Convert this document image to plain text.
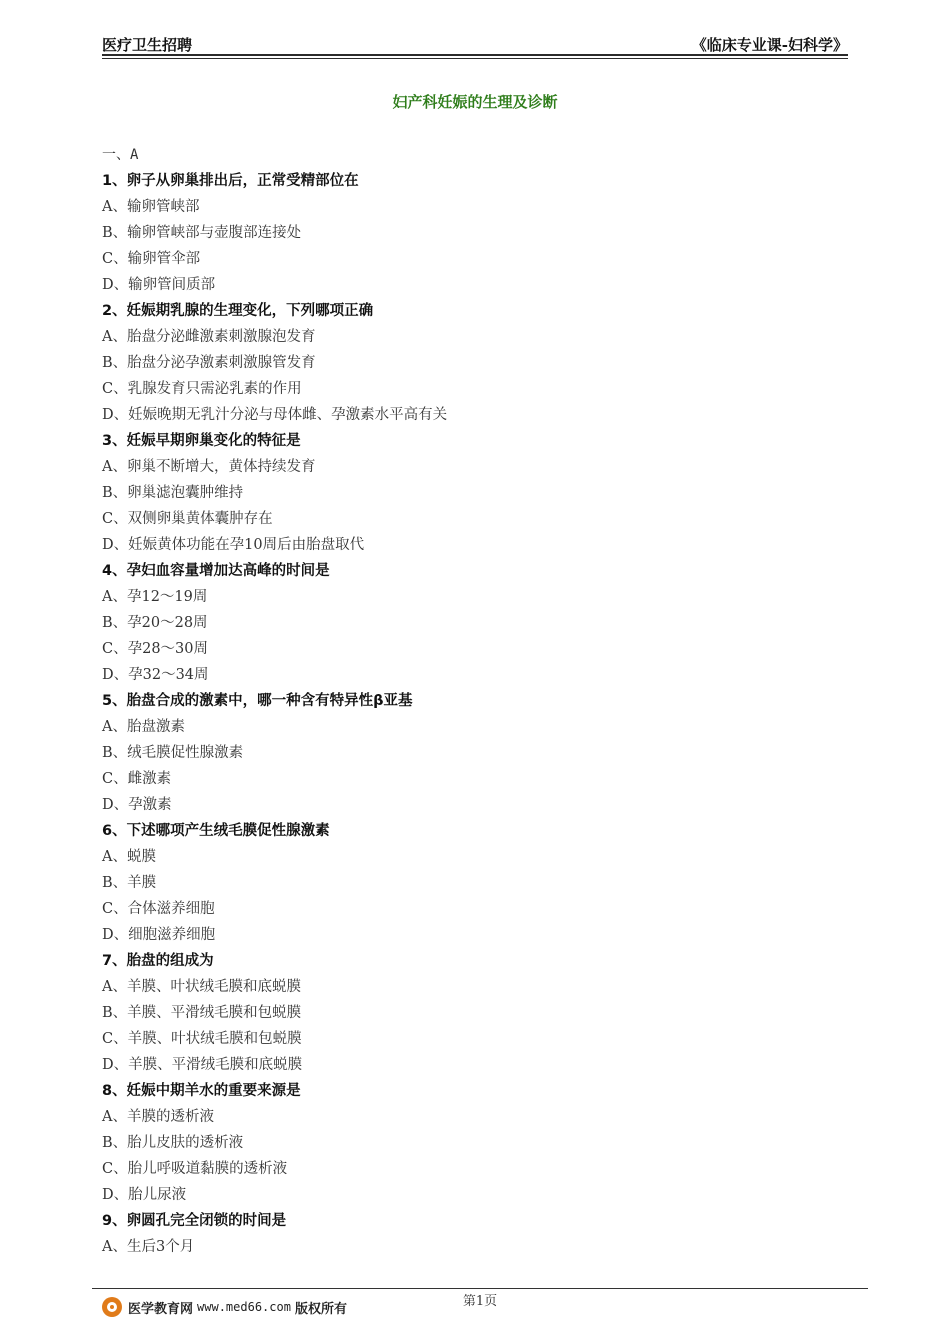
医疗卫生招聘	《临床专业课-妇科学》
妇产科妊娠的生理及诊断
一、A
1、卵子从卵巢排出后，正常受精部位在
A、输卵管峡部
B、输卵管峡部与壶腹部连接处
C、输卵管伞部
D、输卵管间质部
2、妊娠期乳腺的生理变化，下列哪项正确
A、胎盘分泌雌激素刺激腺泡发育
B、胎盘分泌孕激素刺激腺管发育
C、乳腺发育只需泌乳素的作用
D、妊娠晚期无乳汁分泌与母体雌、孕激素水平高有关
3、妊娠早期卵巢变化的特征是
A、卵巢不断增大，黄体持续发育
B、卵巢滤泡囊肿维持
C、双侧卵巢黄体囊肿存在
D、妊娠黄体功能在孕10周后由胎盘取代
4、孕妇血容量增加达高峰的时间是
A、孕12～19周
B、孕20～28周
C、孕28～30周
D、孕32～34周
5、胎盘合成的激素中，哪一种含有特异性β亚基
A、胎盘激素
B、绒毛膜促性腺激素
C、雌激素
D、孕激素
6、下述哪项产生绒毛膜促性腺激素
A、蜕膜
B、羊膜
C、合体滋养细胞
D、细胞滋养细胞
7、胎盘的组成为
A、羊膜、叶状绒毛膜和底蜕膜
B、羊膜、平滑绒毛膜和包蜕膜
C、羊膜、叶状绒毛膜和包蜕膜
D、羊膜、平滑绒毛膜和底蜕膜
8、妊娠中期羊水的重要来源是
A、羊膜的透析液
B、胎儿皮肤的透析液
C、胎儿呼吸道黏膜的透析液
D、胎儿尿液
9、卵圆孔完全闭锁的时间是
A、生后3个月
第1页
医学教育网 www.med66.com 版权所有
